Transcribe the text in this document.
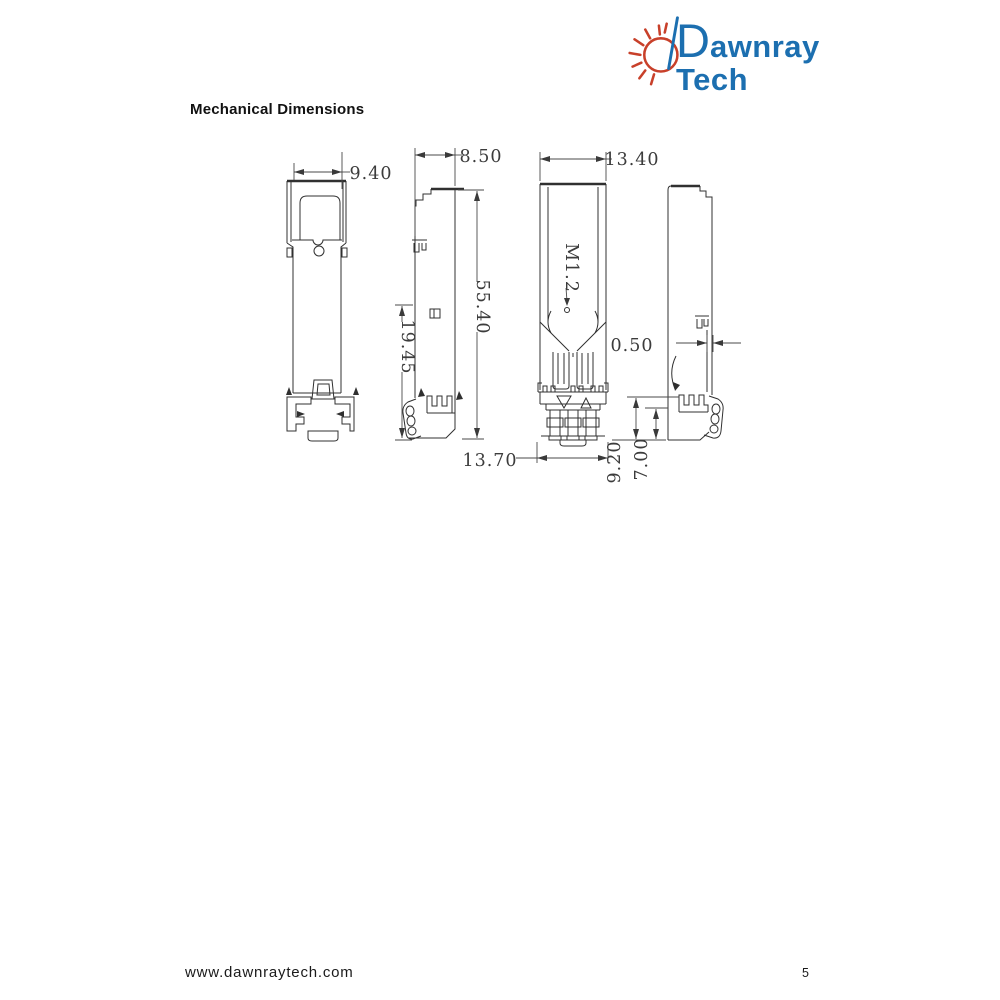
Dawnray Tech
Mechanical Dimensions
9.40
8.50	13.40
55.40
19.45
M1.2
0.50
13.70	7.00
9.20
www.dawnraytech.com	5
